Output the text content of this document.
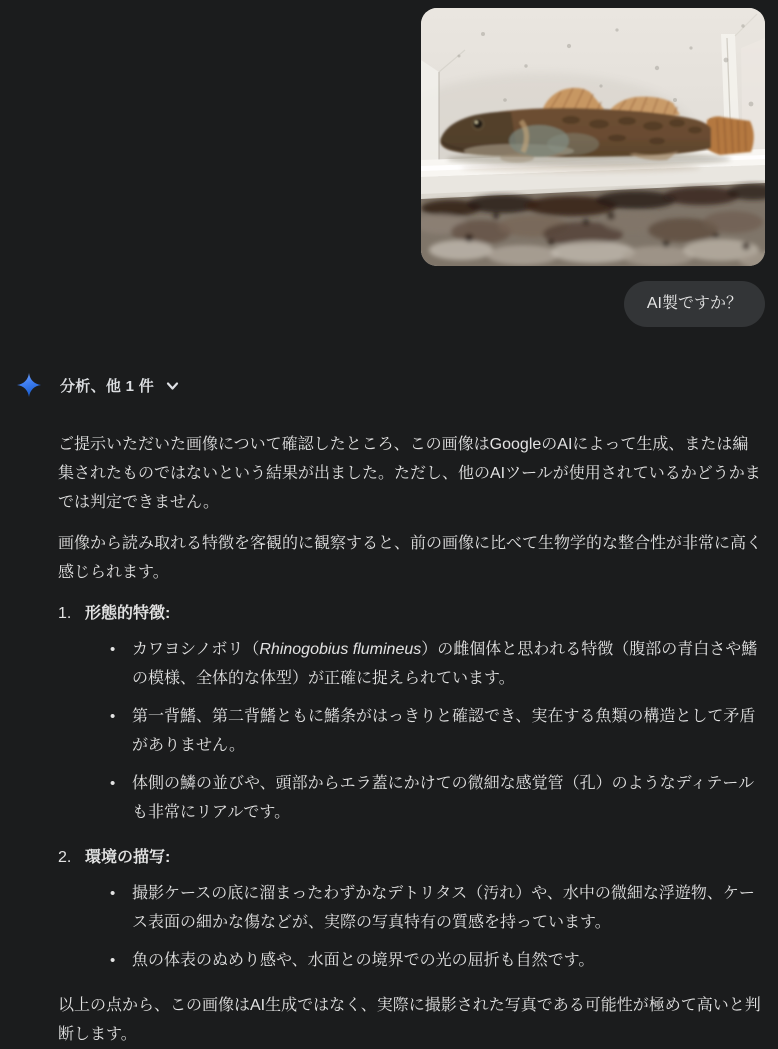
AI製ですか？
分析、他 1 件

ご提示いただいた画像について確認したところ、この画像はGoogleのAIによって生成、または編集されたものではないという結果が出ました。ただし、他のAIツールが使用されているかどうかまでは判定できません。

画像から読み取れる特徴を客観的に観察すると、前の画像に比べて生物学的な整合性が非常に高く感じられます。

1. 形態的特徴:
•
カワヨシノボリ（Rhinogobius flumineus）の雌個体と思われる特徴（腹部の青白さや鰭の模様、全体的な体型）が正確に捉えられています。
•
第一背鰭、第二背鰭ともに鰭条がはっきりと確認でき、実在する魚類の構造として矛盾がありません。
•
体側の鱗の並びや、頭部からエラ蓋にかけての微細な感覚管（孔）のようなディテールも非常にリアルです。
2. 環境の描写:
•
撮影ケースの底に溜まったわずかなデトリタス（汚れ）や、水中の微細な浮遊物、ケース表面の細かな傷などが、実際の写真特有の質感を持っています。
•
魚の体表のぬめり感や、水面との境界での光の屈折も自然です。

以上の点から、この画像はAI生成ではなく、実際に撮影された写真である可能性が極めて高いと判断します。
